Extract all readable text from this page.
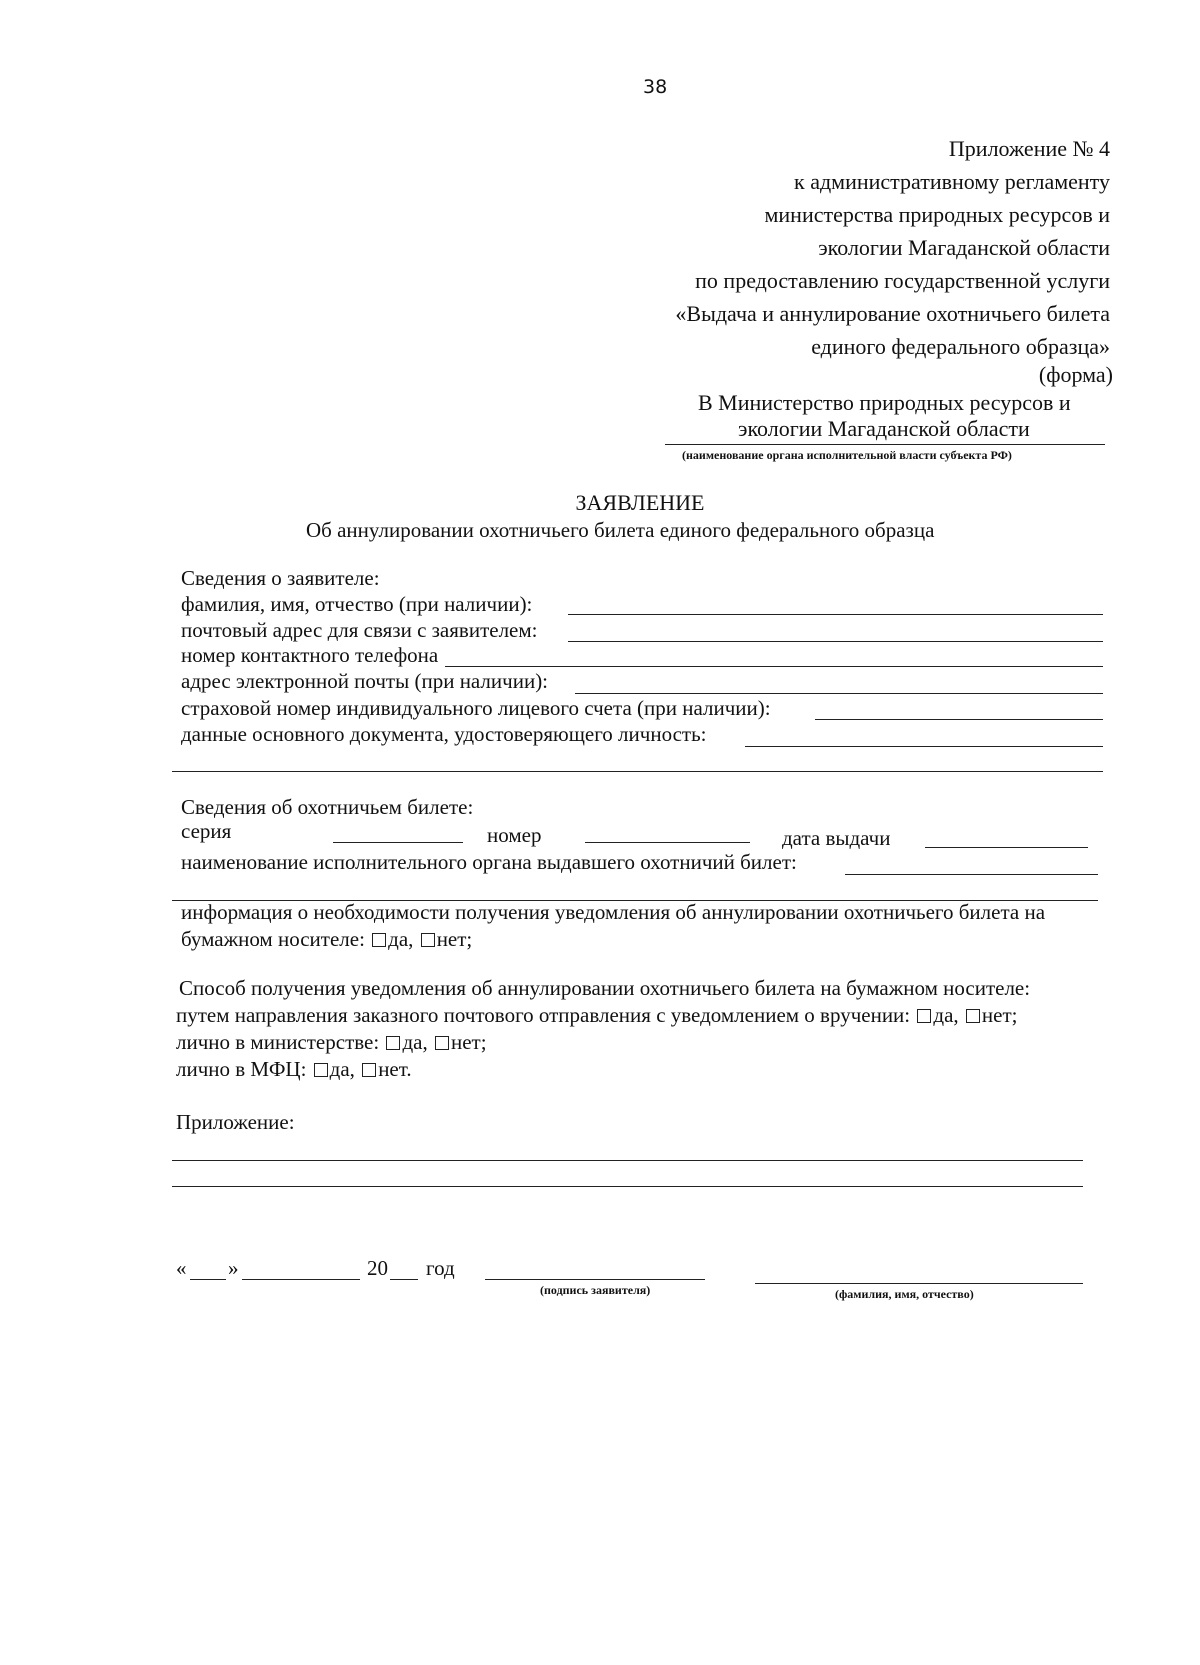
38
Приложение № 4
к административному регламенту
министерства природных ресурсов и
экологии Магаданской области
по предоставлению государственной услуги
«Выдача и аннулирование охотничьего билета
единого федерального образца»
(форма)
В Министерство природных ресурсов и
экологии Магаданской области
(наименование органа исполнительной власти субъекта РФ)
ЗАЯВЛЕНИЕ
Об аннулировании охотничьего билета единого федерального образца
Сведения о заявителе:
фамилия, имя, отчество (при наличии):
почтовый адрес для связи с заявителем:
номер контактного телефона
адрес электронной почты (при наличии):
страховой номер индивидуального лицевого счета (при наличии):
данные основного документа, удостоверяющего личность:
Сведения об охотничьем билете:
серия	номер	дата выдачи
наименование исполнительного органа выдавшего охотничий билет:
информация о необходимости получения уведомления об аннулировании охотничьего билета на
бумажном носителе: да, нет;
Способ получения уведомления об аннулировании охотничьего билета на бумажном носителе:
путем направления заказного почтового отправления с уведомлением о вручении: да, нет;
лично в министерстве: да, нет;
лично в МФЦ: да, нет.
Приложение:
« »	20 год
(подпись заявителя)	(фамилия, имя, отчество)
